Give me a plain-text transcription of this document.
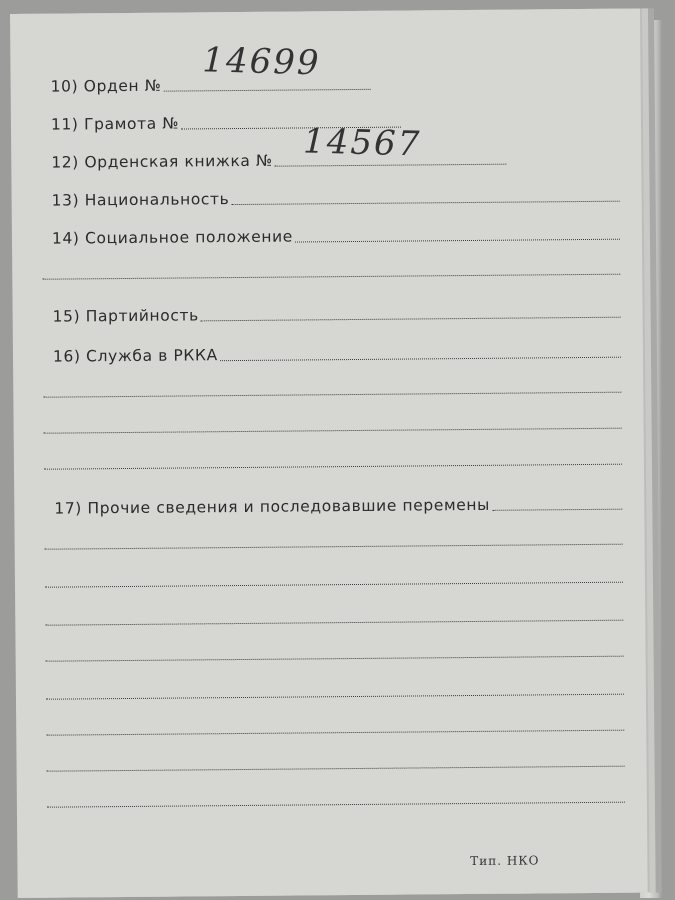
10) Орден №
14699
11) Грамота №
12) Орденская книжка № 14567
13) Национальность
14) Социальное положение
15) Партийность
16) Служба в РККА
17) Прочие сведения и последовавшие перемены
Тип. НКО
